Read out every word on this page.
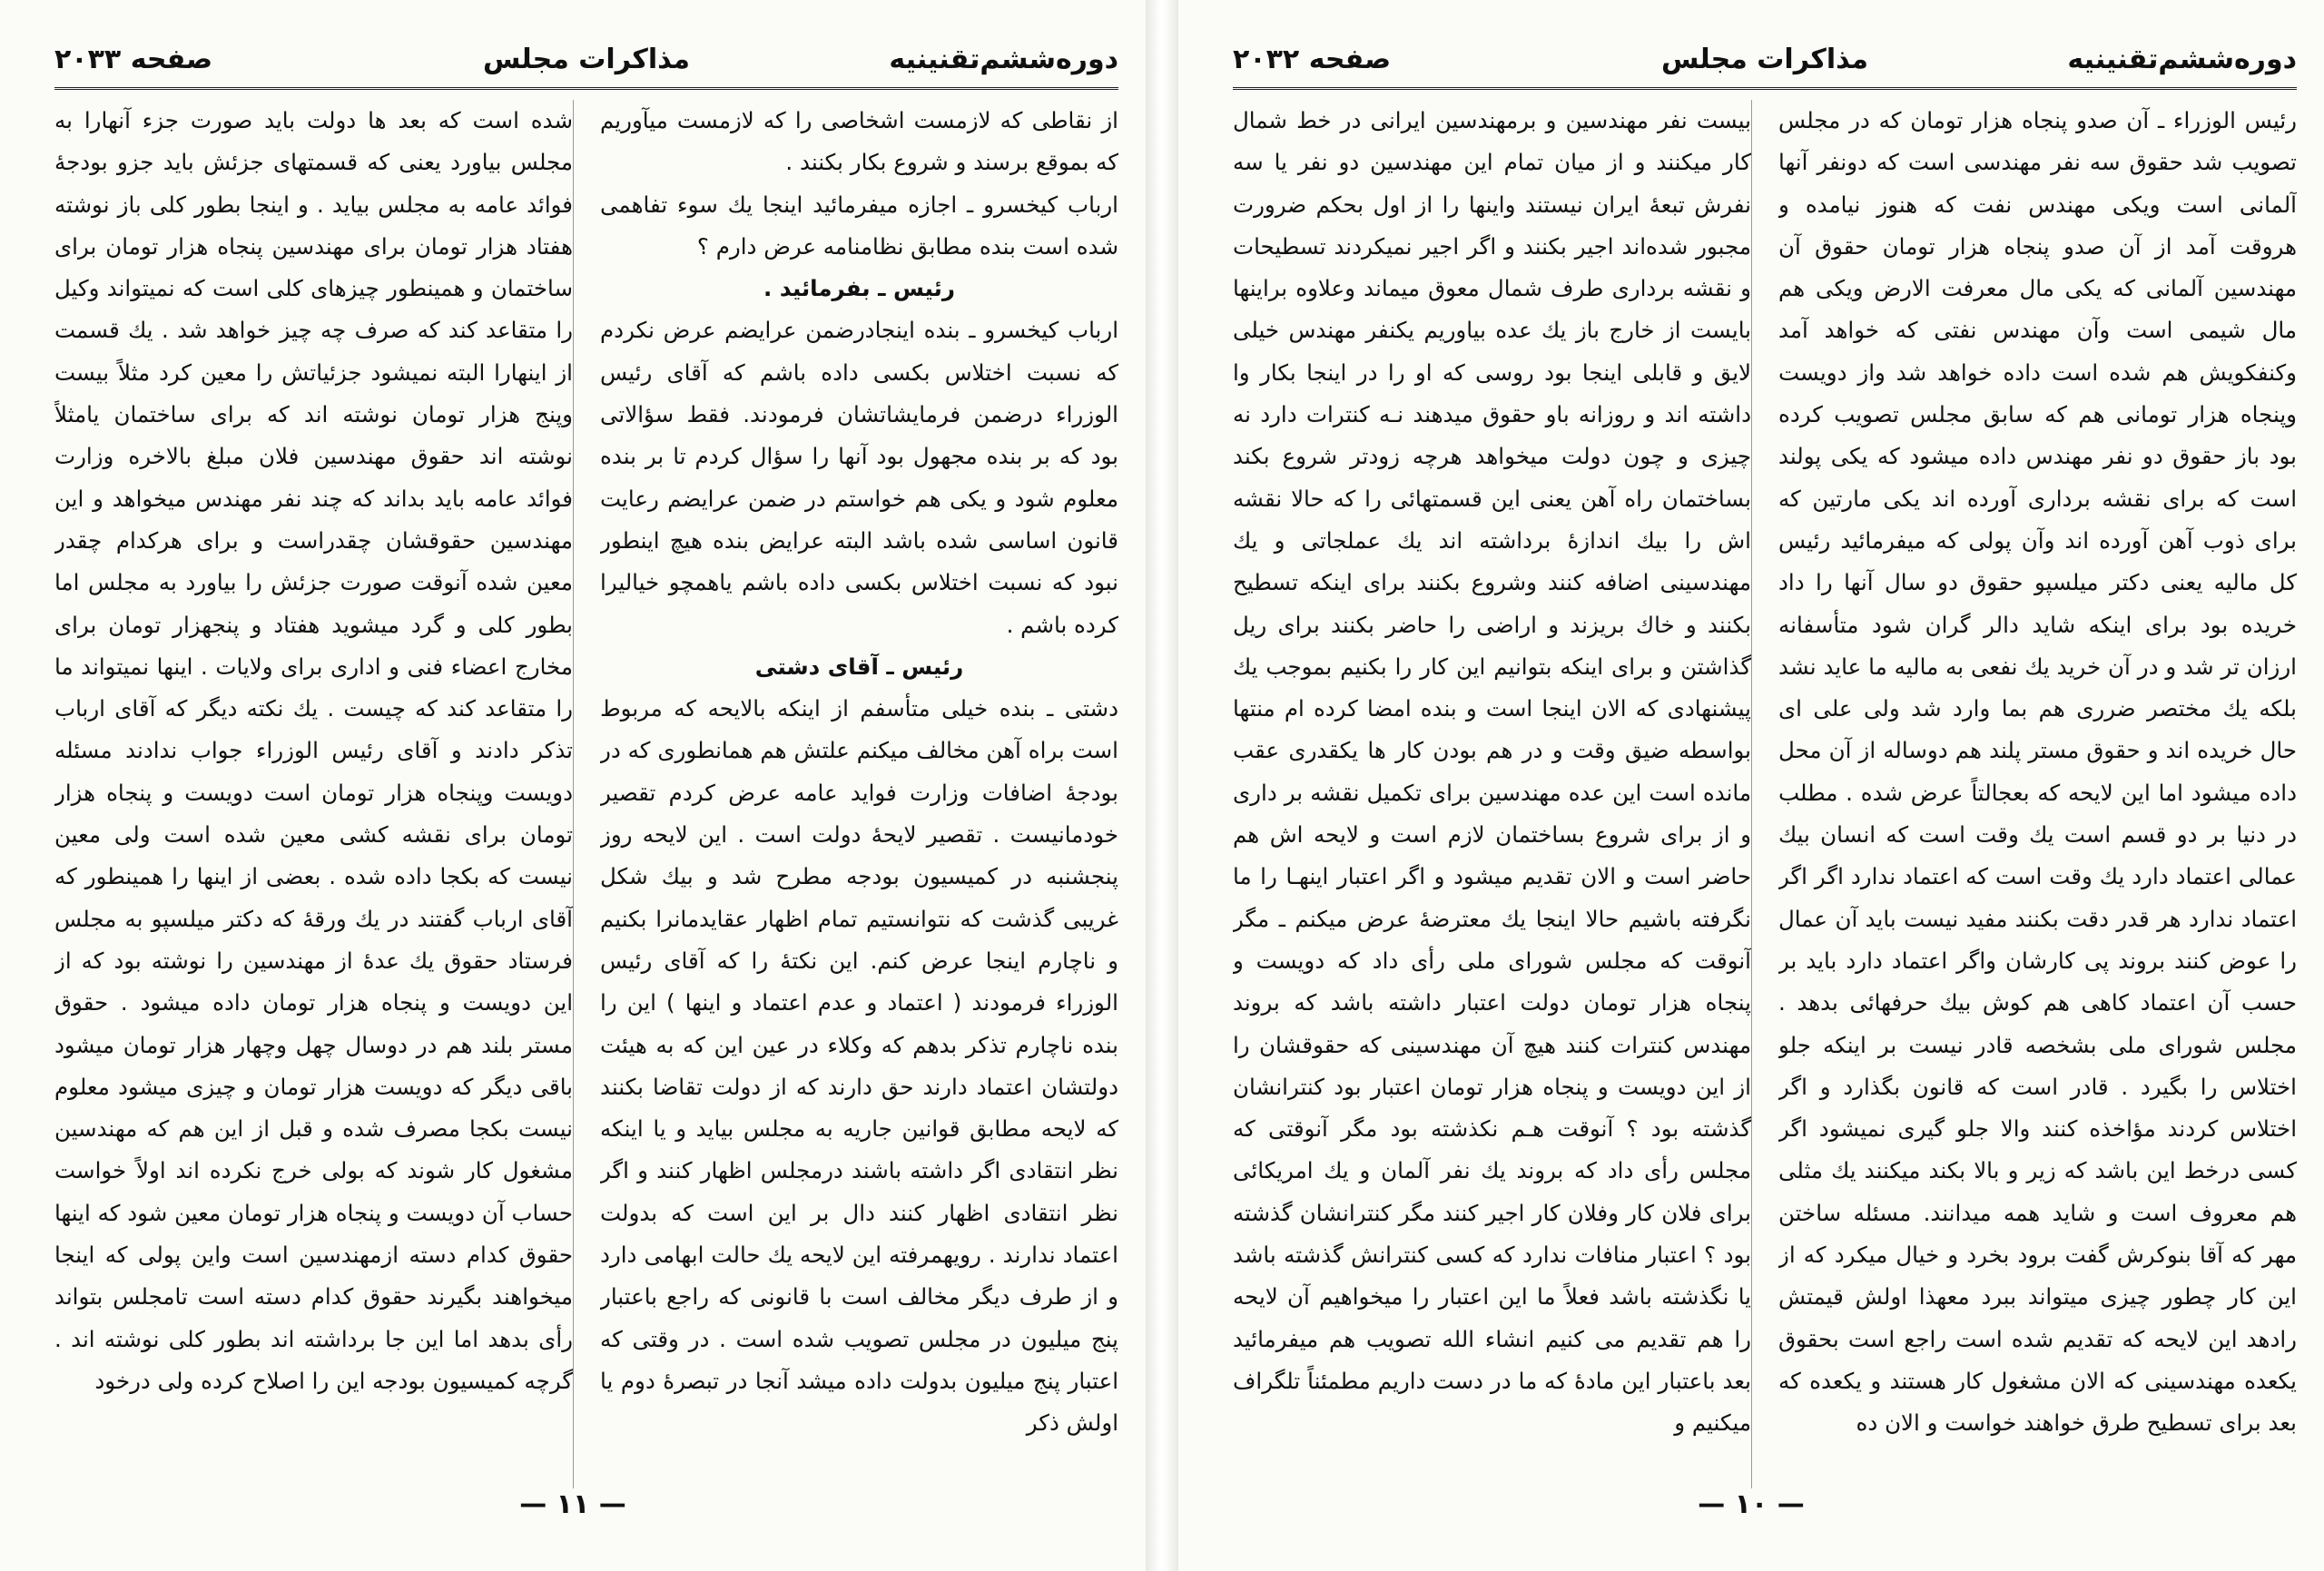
دوره‌ششم‌تقنینیه
مذاكرات مجلس
صفحه ۲۰۳۳

از نقاطی كه لازمست اشخاصی را كه لازمست میآوریم كه بموقع برسند و شروع بكار بكنند .

ارباب كیخسرو ـ اجازه میفرمائید اینجا یك سوء تفاهمی شده است بنده مطابق نظامنامه عرض دارم ؟

رئیس ـ بفرمائید .

ارباب كیخسرو ـ بنده اینجادرضمن عرایضم عرض نكردم كه نسبت اختلاس بكسی داده باشم كه آقای رئیس الوزراء درضمن فرمایشاتشان فرمودند. فقط سؤالاتی بود كه بر بنده مجهول بود آنها را سؤال كردم تا بر بنده معلوم شود و یکی هم خواستم در ضمن عرایضم رعایت قانون اساسی شده باشد البته عرایض بنده هیچ اینطور نبود كه نسبت اختلاس بكسی داده باشم یاهمچو خیالیرا كرده باشم .

رئیس ـ آقای دشتی

دشتی ـ بنده خیلی متأسفم از اینكه بالایحه كه مربوط است براه آهن مخالف میكنم علتش هم همانطوری كه در بودجهٔ اضافات وزارت فواید عامه عرض كردم تقصیر خودمانیست . تقصیر لایحهٔ دولت است . این لایحه روز پنجشنبه در كمیسیون بودجه مطرح شد و بیك شكل غریبی گذشت كه نتوانستیم تمام اظهار عقایدمانرا بكنیم و ناچارم اینجا عرض كنم. این نكتهٔ را كه آقای رئیس الوزراء فرمودند ( اعتماد و عدم اعتماد و اینها ) این را بنده ناچارم تذكر بدهم كه وكلاء در عین این كه به هیئت دولتشان اعتماد دارند حق دارند كه از دولت تقاضا بكنند كه لایحه مطابق قوانین جاریه به مجلس بیاید و یا اینكه نظر انتقادی اگر داشته باشند درمجلس اظهار كنند و اگر نظر انتقادی اظهار كنند دال بر این است كه بدولت اعتماد ندارند . رویهمرفته این لایحه یك حالت ابهامی دارد و از طرف دیگر مخالف است با قانونی كه راجع باعتبار پنج میلیون در مجلس تصویب شده است . در وقتی كه اعتبار پنج میلیون بدولت داده میشد آنجا در تبصرهٔ دوم یا اولش ذكر

شده است كه بعد ها دولت باید صورت جزء آنهارا به مجلس بیاورد یعنی كه قسمتهای جزئش باید جزو بودجهٔ فوائد عامه به مجلس بیاید . و اینجا بطور كلی باز نوشته هفتاد هزار تومان برای مهندسین پنجاه هزار تومان برای ساختمان و همینطور چیزهای كلی است كه نمیتواند وكیل را متقاعد كند كه صرف چه چیز خواهد شد . یك قسمت از اینهارا البته نمیشود جزئیاتش را معین كرد مثلاً بیست وپنج هزار تومان نوشته اند كه برای ساختمان یامثلاً نوشته اند حقوق مهندسین فلان مبلغ بالاخره وزارت فوائد عامه باید بداند كه چند نفر مهندس میخواهد و این مهندسین حقوقشان چقدراست و برای هركدام چقدر معین شده آنوقت صورت جزئش را بیاورد به مجلس اما بطور كلی و گرد میشوید هفتاد و پنجهزار تومان برای مخارج اعضاء فنی و اداری برای ولایات . اینها نمیتواند ما را متقاعد كند كه چیست . یك نكته دیگر كه آقای ارباب تذكر دادند و آقای رئیس الوزراء جواب ندادند مسئله دویست وپنجاه هزار تومان است دویست و پنجاه هزار تومان برای نقشه كشی معین شده است ولی معین نیست كه بكجا داده شده . بعضی از اینها را همینطور كه آقای ارباب گفتند در یك ورقهٔ كه دكتر میلسپو به مجلس فرستاد حقوق یك عدهٔ از مهندسین را نوشته بود كه از این دویست و پنجاه هزار تومان داده میشود . حقوق مستر بلند هم در دوسال چهل وچهار هزار تومان میشود باقی دیگر كه دویست هزار تومان و چیزی میشود معلوم نیست بكجا مصرف شده و قبل از این هم كه مهندسین مشغول كار شوند كه بولی خرج نكرده اند اولاً خواست حساب آن دویست و پنجاه هزار تومان معین شود كه اینها حقوق كدام دسته ازمهندسین است واین پولی كه اینجا میخواهند بگیرند حقوق كدام دسته است تامجلس بتواند رأی بدهد اما این جا برداشته اند بطور كلی نوشته اند . گرچه كمیسیون بودجه این را اصلاح كرده ولی درخود

— ۱۱ —
دوره‌ششم‌تقنینیه
مذاكرات مجلس
صفحه ۲۰۳۲

رئیس الوزراء ـ آن صدو پنجاه هزار تومان كه در مجلس تصویب شد حقوق سه نفر مهندسی است كه دونفر آنها آلمانی است ویكی مهندس نفت كه هنوز نیامده و هروقت آمد از آن صدو پنجاه هزار تومان حقوق آن مهندسین آلمانی كه یكی مال معرفت الارض ویكی هم مال شیمی است وآن مهندس نفتی كه خواهد آمد وكنفكویش هم شده است داده خواهد شد واز دویست وپنجاه هزار تومانی هم كه سابق مجلس تصویب كرده بود باز حقوق دو نفر مهندس داده میشود كه یكی پولند است كه برای نقشه برداری آورده اند یكی مارتین كه برای ذوب آهن آورده اند وآن پولی كه میفرمائید رئیس كل مالیه یعنی دكتر میلسپو حقوق دو سال آنها را داد خریده بود برای اینكه شاید دالر گران شود متأسفانه ارزان تر شد و در آن خرید یك نفعی به مالیه ما عاید نشد بلكه یك مختصر ضرری هم بما وارد شد ولی علی ای حال خریده اند و حقوق مستر پلند هم دوساله از آن محل داده میشود اما این لایحه كه بعجالتاً عرض شده . مطلب در دنیا بر دو قسم است یك وقت است كه انسان بیك عمالی اعتماد دارد یك وقت است كه اعتماد ندارد اگر اگر اعتماد ندارد هر قدر دقت بكنند مفید نیست باید آن عمال را عوض كنند بروند پی كارشان واگر اعتماد دارد باید بر حسب آن اعتماد كاهی هم كوش بیك حرفهائی بدهد . مجلس شورای ملی بشخصه قادر نیست بر اینكه جلو اختلاس را بگیرد . قادر است كه قانون بگذارد و اگر اختلاس كردند مؤاخذه كنند والا جلو گیری نمیشود اگر كسی درخط این باشد كه زیر و بالا بكند میكنند یك مثلی هم معروف است و شاید همه میدانند. مسئله ساختن مهر كه آقا بنوكرش گفت برود بخرد و خیال میكرد كه از این كار چطور چیزی میتواند ببرد معهذا اولش قیمتش رادهد این لایحه كه تقدیم شده است راجع است بحقوق یكعده مهندسینی كه الان مشغول كار هستند و یكعده كه بعد برای تسطیح طرق خواهند خواست و الان ده

بیست نفر مهندسین و برمهندسین ایرانی در خط شمال كار میكنند و از میان تمام این مهندسین دو نفر یا سه نفرش تبعهٔ ایران نیستند واینها را از اول بحكم ضرورت مجبور شده‌اند اجیر بكنند و اگر اجیر نمیكردند تسطیحات و نقشه برداری طرف شمال معوق میماند وعلاوه براینها بایست از خارج باز یك عده بیاوریم یكنفر مهندس خیلی لایق و قابلی اینجا بود روسی كه او را در اینجا بكار وا داشته اند و روزانه باو حقوق میدهند نـه كنترات دارد نه چیزی و چون دولت میخواهد هرچه زودتر شروع بكند بساختمان راه آهن یعنی این قسمتهائی را كه حالا نقشه اش را بیك اندازهٔ برداشته اند یك عملجاتی و یك مهندسینی اضافه كنند وشروع بكنند برای اینكه تسطیح بكنند و خاك بریزند و اراضی را حاضر بكنند برای ریل گذاشتن و برای اینكه بتوانیم این كار را بكنیم بموجب یك پیشنهادی كه الان اینجا است و بنده امضا كرده ام منتها بواسطه ضیق وقت و در هم بودن كار ها یكقدری عقب مانده است این عده مهندسین برای تكمیل نقشه بر داری و از برای شروع بساختمان لازم است و لایحه اش هم حاضر است و الان تقدیم میشود و اگر اعتبار اینهـا را ما نگرفته باشیم حالا اینجا یك معترضهٔ عرض میكنم ـ مگر آنوقت كه مجلس شورای ملی رأی داد كه دویست و پنجاه هزار تومان دولت اعتبار داشته باشد كه بروند مهندس كنترات كنند هیچ آن مهندسینی كه حقوقشان را از این دویست و پنجاه هزار تومان اعتبار بود كنترانشان گذشته بود ؟ آنوقت هـم نكذشته بود مگر آنوقتی كه مجلس رأی داد كه بروند یك نفر آلمان و یك امریكائی برای فلان كار وفلان كار اجیر كنند مگر كنترانشان گذشته بود ؟ اعتبار منافات ندارد كه كسی كنترانش گذشته باشد یا نگذشته باشد فعلاً ما این اعتبار را میخواهیم آن لایحه را هم تقدیم می كنیم انشاء الله تصویب هم میفرمائید بعد باعتبار این مادهٔ كه ما در دست داریم مطمئناً تلگراف میكنیم و

— ۱۰ —
